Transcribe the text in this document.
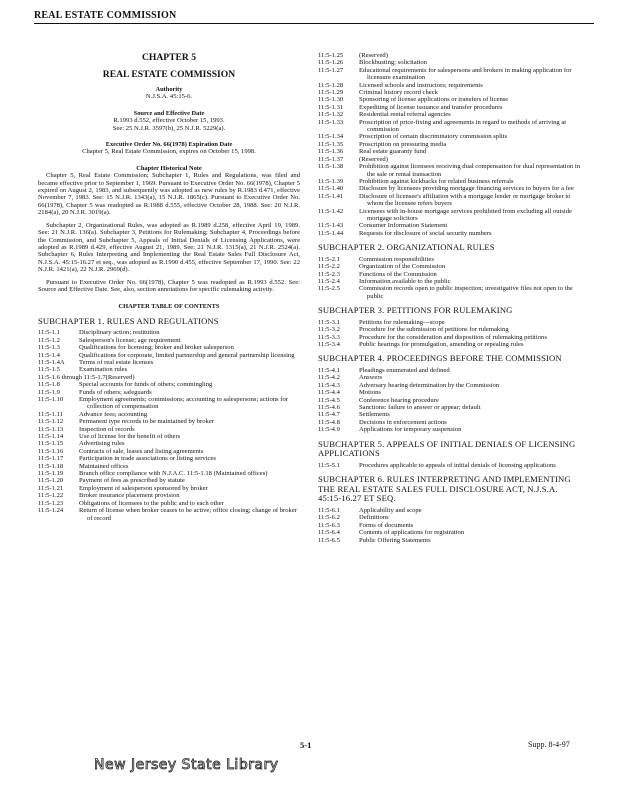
REAL ESTATE COMMISSION
CHAPTER 5
REAL ESTATE COMMISSION
Authority
N.J.S.A. 45:15-6.
Source and Effective Date
R.1993 d.552, effective October 15, 1993.
See: 25 N.J.R. 3597(b), 25 N.J.R. 5229(a).
Executive Order No. 66(1978) Expiration Date
Chapter 5, Real Estate Commission, expires on October 15, 1998.
Chapter Historical Note

Chapter 5, Real Estate Commission; Subchapter 1, Rules and Regulations, was filed and became effective prior to September 1, 1969. Pursuant to Executive Order No. 66(1978), Chapter 5 expired on August 2, 1983, and subsequently was adopted as new rules by R.1983 d.471, effective November 7, 1983. See: 15 N.J.R. 1343(a), 15 N.J.R. 1865(c). Pursuant to Executive Order No. 66(1978), Chapter 5 was readopted as R.1988 d.555, effective October 28, 1988. See: 20 N.J.R. 2184(a), 20 N.J.R. 3019(a).

Subchapter 2, Organizational Rules, was adopted as R.1989 d.258, effective April 19, 1989. See: 21 N.J.R. 136(a). Subchapter 3, Petitions for Rulemaking; Subchapter 4, Proceedings before the Commission, and Subchapter 5, Appeals of Initial Denials of Licensing Applications, were adopted as R.1989 d.429, effective August 21, 1989. See: 21 N.J.R. 1315(a), 21 N.J.R. 2524(a). Subchapter 6, Rules Interpreting and Implementing the Real Estate Sales Full Disclosure Act, N.J.S.A. 45:15-16.27 et seq., was adopted as R.1990 d.455, effective September 17, 1990. See: 22 N.J.R. 1421(a), 22 N.J.R. 2969(d).

Pursuant to Executive Order No. 66(1978), Chapter 5 was readopted as R.1993 d.552. See: Source and Effective Date. See, also, section annotations for specific rulemaking activity.

CHAPTER TABLE OF CONTENTS
SUBCHAPTER 1. RULES AND REGULATIONS
11:5-1.1	Disciplinary action; restitution
11:5-1.2	Salesperson's license; age requirement
11:5-1.3	Qualifications for licensing; broker and broker salesperson
11:5-1.4	Qualifications for corporate, limited partnership and general partnership licensing
11:5-1.4A	Terms of real estate licenses
11:5-1.5	Examination rules
11:5-1.6 through 11:5-1.7 (Reserved)
11:5-1.8	Special accounts for funds of others; commingling
11:5-1.9	Funds of others; safeguards
11:5-1.10	Employment agreements; commissions; accounting to salespersons; actions for collection of compensation
11:5-1.11	Advance fees; accounting
11:5-1.12	Permanent type records to be maintained by broker
11:5-1.13	Inspection of records
11:5-1.14	Use of license for the benefit of others
11:5-1.15	Advertising rules
11:5-1.16	Contracts of sale, leases and listing agreements
11:5-1.17	Participation in trade associations or listing services
11:5-1.18	Maintained offices
11:5-1.19	Branch office compliance with N.J.A.C. 11:5-1.18 (Maintained offices)
11:5-1.20	Payment of fees as prescribed by statute
11:5-1.21	Employment of salesperson sponsored by broker
11:5-1.22	Broker insurance placement provision
11:5-1.23	Obligations of licensees to the public and to each other
11:5-1.24	Return of license when broker ceases to be active; office closing; change of broker of record
11:5-1.25	(Reserved)
11:5-1.26	Blockbusting; solicitation
11:5-1.27	Educational requirements for salespersons and brokers in making application for licensure examination
11:5-1.28	Licensed schools and instructors; requirements
11:5-1.29	Criminal history record check
11:5-1.30	Sponsoring of license applications or transfers of license
11:5-1.31	Expediting of license issuance and transfer procedures
11:5-1.32	Residential rental referral agencies
11:5-1.33	Proscription of price-fixing and agreements in regard to methods of arriving at commission
11:5-1.34	Proscription of certain discriminatory commission splits
11:5-1.35	Proscription on pressuring media
11:5-1.36	Real estate guaranty fund
11:5-1.37	(Reserved)
11:5-1.38	Prohibition against licensees receiving dual compensation for dual representation in the sale or rental transaction
11:5-1.39	Prohibition against kickbacks for related business referrals
11:5-1.40	Disclosure by licensees providing mortgage financing services to buyers for a fee
11:5-1.41	Disclosure of licensee's affiliation with a mortgage lender or mortgage broker to whom the licensee refers buyers
11:5-1.42	Licensees with in-house mortgage services prohibited from excluding all outside mortgage solicitors
11:5-1.43	Consumer Information Statement
11:5-1.44	Requests for disclosure of social security numbers
SUBCHAPTER 2. ORGANIZATIONAL RULES
11:5-2.1	Commission responsibilities
11:5-2.2	Organization of the Commission
11:5-2.3	Functions of the Commission
11:5-2.4	Information available to the public
11:5-2.5	Commission records open to public inspection; investigative files not open to the public
SUBCHAPTER 3. PETITIONS FOR RULEMAKING
11:5-3.1	Petitions for rulemaking—scope
11:5-3.2	Procedure for the submission of petitions for rulemaking
11:5-3.3	Procedure for the consideration and disposition of rulemaking petitions
11:5-3.4	Public hearings for promulgation, amending or repealing rules
SUBCHAPTER 4. PROCEEDINGS BEFORE THE COMMISSION
11:5-4.1	Pleadings enumerated and defined
11:5-4.2	Answers
11:5-4.3	Adversary hearing determination by the Commission
11:5-4.4	Motions
11:5-4.5	Conference hearing procedure
11:5-4.6	Sanctions: failure to answer or appear; default
11:5-4.7	Settlements
11:5-4.8	Decisions in enforcement actions
11:5-4.9	Applications for temporary suspension
SUBCHAPTER 5. APPEALS OF INITIAL DENIALS OF LICENSING APPLICATIONS
11:5-5.1	Procedures applicable to appeals of initial denials of licensing applications
SUBCHAPTER 6. RULES INTERPRETING AND IMPLEMENTING THE REAL ESTATE SALES FULL DISCLOSURE ACT, N.J.S.A. 45:15-16.27 ET SEQ.
11:5-6.1	Applicability and scope
11:5-6.2	Definitions
11:5-6.3	Forms of documents
11:5-6.4	Contents of applications for registration
11:5-6.5	Public Offering Statements
5-1	Supp. 8-4-97
New Jersey State Library
